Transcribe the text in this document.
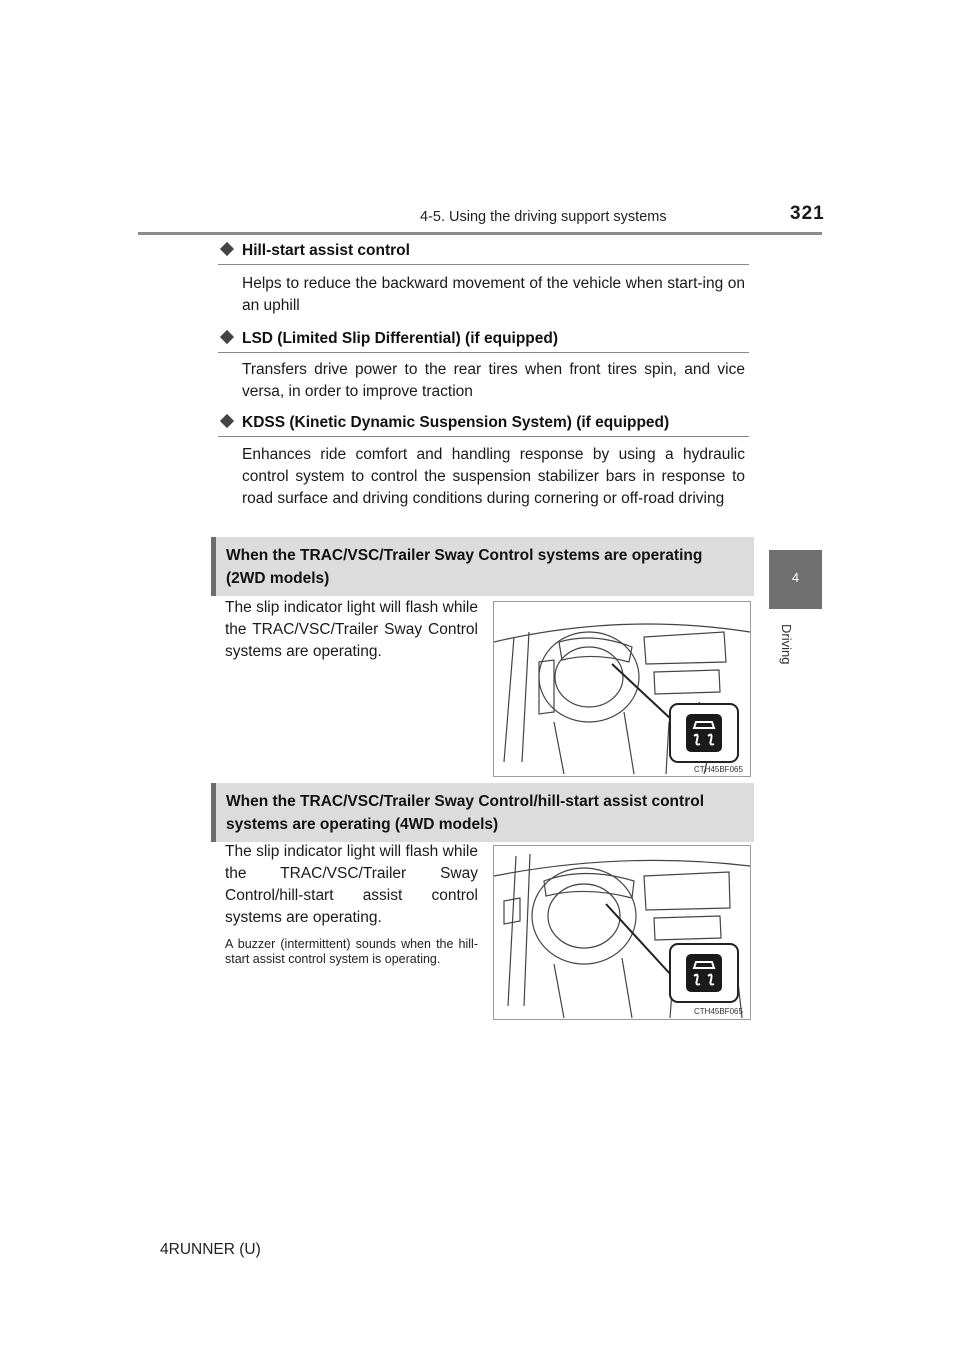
4-5. Using the driving support systems	321
4
Driving
Hill-start assist control
Helps to reduce the backward movement of the vehicle when start-ing on an uphill
LSD (Limited Slip Differential) (if equipped)
Transfers drive power to the rear tires when front tires spin, and vice versa, in order to improve traction
KDSS (Kinetic Dynamic Suspension System) (if equipped)
Enhances ride comfort and handling response by using a hydraulic control system to control the suspension stabilizer bars in response to road surface and driving conditions during cornering or off-road driving
When the TRAC/VSC/Trailer Sway Control systems are operating (2WD models)
The slip indicator light will flash while the TRAC/VSC/Trailer Sway Control systems are operating.
CTH45BF065
When the TRAC/VSC/Trailer Sway Control/hill-start assist control systems are operating (4WD models)
The slip indicator light will flash while the TRAC/VSC/Trailer Sway Control/hill-start assist control systems are operating.
A buzzer (intermittent) sounds when the hill-start assist control system is operating.
CTH45BF065
4RUNNER (U)
